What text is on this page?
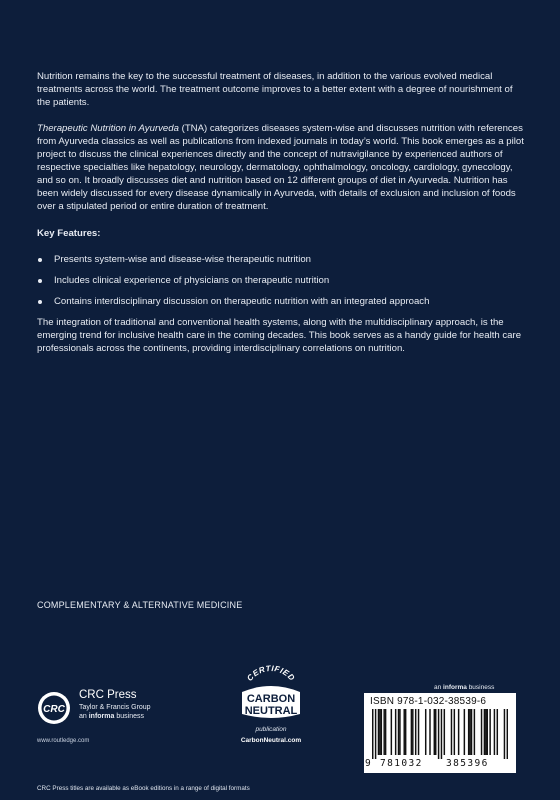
Nutrition remains the key to the successful treatment of diseases, in addition to the various evolved medical treatments across the world. The treatment outcome improves to a better extent with a degree of nourishment of the patients.

Therapeutic Nutrition in Ayurveda (TNA) categorizes diseases system-wise and discusses nutrition with references from Ayurveda classics as well as publications from indexed journals in today’s world. This book emerges as a pilot project to discuss the clinical experiences directly and the concept of nutravigilance by experienced authors of respective specialties like hepatology, neurology, dermatology, ophthalmology, oncology, cardiology, gynecology, and so on. It broadly discusses diet and nutrition based on 12 different groups of diet in Ayurveda. Nutrition has been widely discussed for every disease dynamically in Ayurveda, with details of exclusion and inclusion of foods over a stipulated period or entire duration of treatment.

Key Features:
Presents system-wise and disease-wise therapeutic nutrition
Includes clinical experience of physicians on therapeutic nutrition
Contains interdisciplinary discussion on therapeutic nutrition with an integrated approach

The integration of traditional and conventional health systems, along with the multidisciplinary approach, is the emerging trend for inclusive health care in the coming decades. This book serves as a handy guide for health care professionals across the continents, providing interdisciplinary correlations on nutrition.

COMPLEMENTARY & ALTERNATIVE MEDICINE
CRC
CRC Press
Taylor & Francis Group
an informa business
www.routledge.com
CERTIFIED
CARBON
NEUTRAL
publication
CarbonNeutral.com
an informa business
ISBN 978-1-032-38539-6
9 781032 385396
CRC Press titles are available as eBook editions in a range of digital formats
